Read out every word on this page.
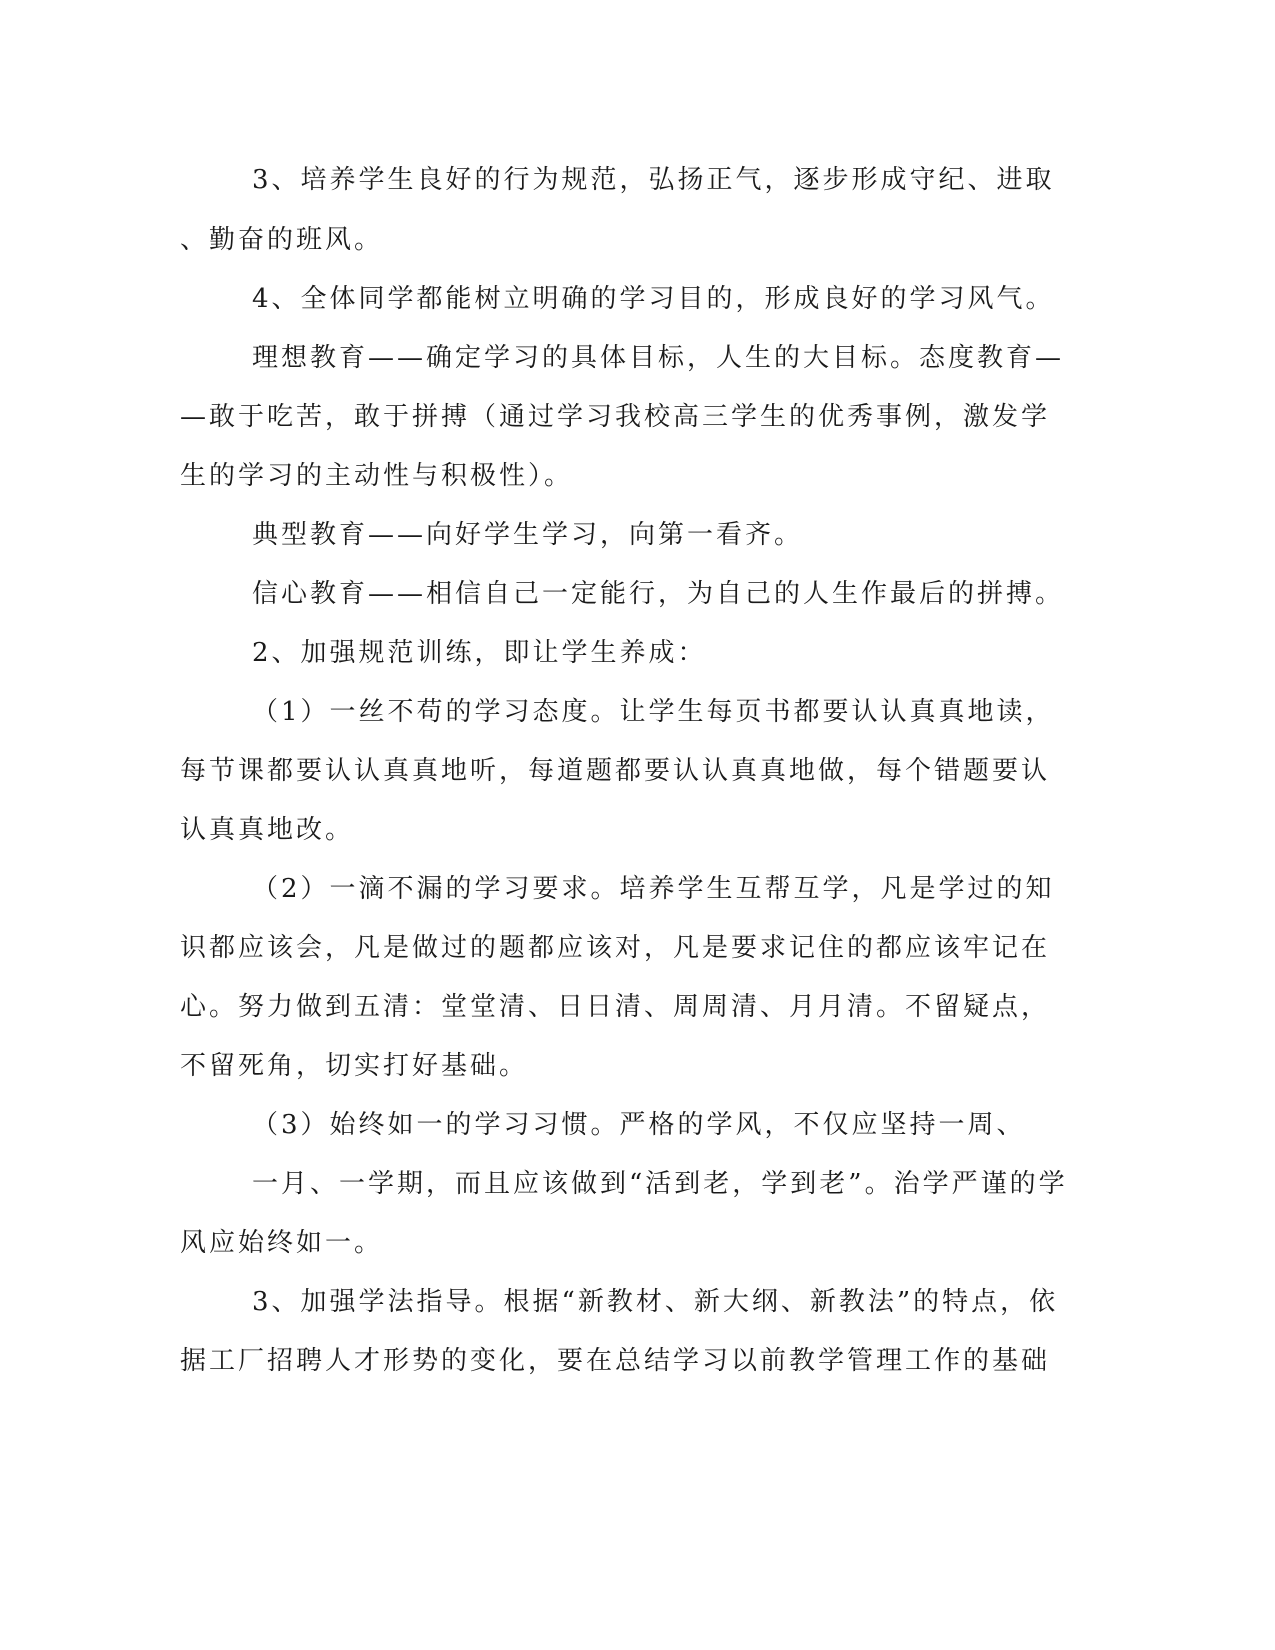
3、培养学生良好的行为规范，弘扬正气，逐步形成守纪、进取
、勤奋的班风。
4、全体同学都能树立明确的学习目的，形成良好的学习风气。
理想教育——确定学习的具体目标，人生的大目标。态度教育—
—敢于吃苦，敢于拼搏（通过学习我校高三学生的优秀事例，激发学
生的学习的主动性与积极性）。
典型教育——向好学生学习，向第一看齐。
信心教育——相信自己一定能行，为自己的人生作最后的拼搏。
2、加强规范训练，即让学生养成：
（1）一丝不苟的学习态度。让学生每页书都要认认真真地读，
每节课都要认认真真地听，每道题都要认认真真地做，每个错题要认
认真真地改。
（2）一滴不漏的学习要求。培养学生互帮互学，凡是学过的知
识都应该会，凡是做过的题都应该对，凡是要求记住的都应该牢记在
心。努力做到五清：堂堂清、日日清、周周清、月月清。不留疑点，
不留死角，切实打好基础。
（3）始终如一的学习习惯。严格的学风，不仅应坚持一周、
一月、一学期，而且应该做到“活到老，学到老”。治学严谨的学
风应始终如一。
3、加强学法指导。根据“新教材、新大纲、新教法”的特点，依
据工厂招聘人才形势的变化，要在总结学习以前教学管理工作的基础
